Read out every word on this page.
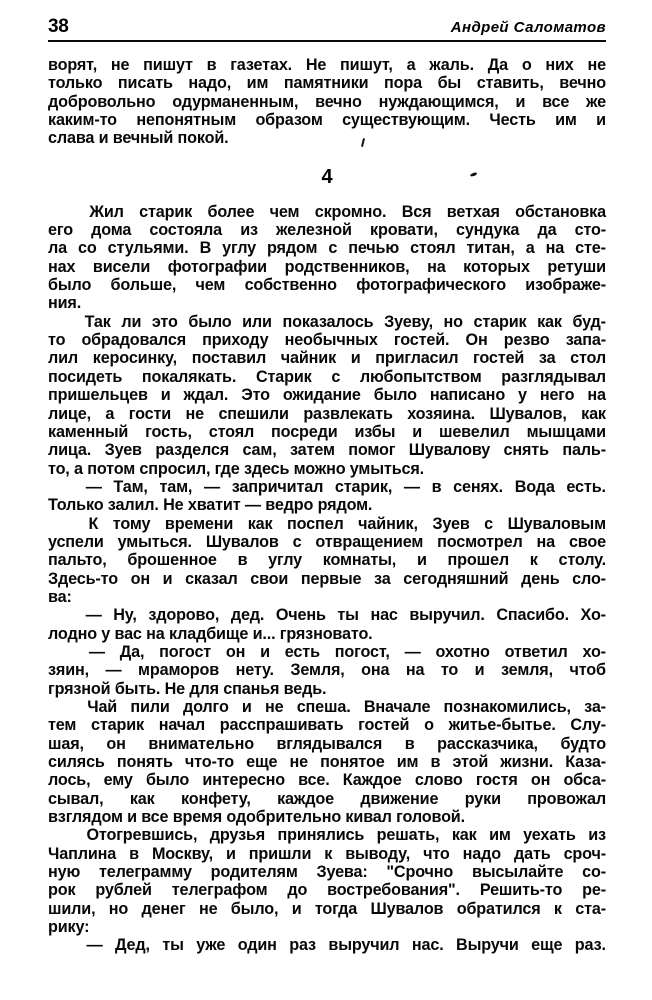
38	Андрей Саломатов

ворят, не пишут в газетах. Не пишут, а жаль. Да о них не
только писать надо, им памятники пора бы ставить, вечно
добровольно одурманенным, вечно нуждающимся, и все же
каким-то непонятным образом существующим. Честь им и
слава и вечный покой.

4

Жил старик более чем скромно. Вся ветхая обстановка
его дома состояла из железной кровати, сундука да сто-
ла со стульями. В углу рядом с печью стоял титан, а на сте-
нах висели фотографии родственников, на которых ретуши
было больше, чем собственно фотографического изображе-
ния.

Так ли это было или показалось Зуеву, но старик как буд-
то обрадовался приходу необычных гостей. Он резво запа-
лил керосинку, поставил чайник и пригласил гостей за стол
посидеть покалякать. Старик с любопытством разглядывал
пришельцев и ждал. Это ожидание было написано у него на
лице, а гости не спешили развлекать хозяина. Шувалов, как
каменный гость, стоял посреди избы и шевелил мышцами
лица. Зуев разделся сам, затем помог Шувалову снять паль-
то, а потом спросил, где здесь можно умыться.

— Там, там, — запричитал старик, — в сенях. Вода есть.
Только залил. Не хватит — ведро рядом.

К тому времени как поспел чайник, Зуев с Шуваловым
успели умыться. Шувалов с отвращением посмотрел на свое
пальто, брошенное в углу комнаты, и прошел к столу.
Здесь-то он и сказал свои первые за сегодняшний день сло-
ва:

— Ну, здорово, дед. Очень ты нас выручил. Спасибо. Хо-
лодно у вас на кладбище и... грязновато.

— Да, погост он и есть погост, — охотно ответил хо-
зяин, — мраморов нету. Земля, она на то и земля, чтоб
грязной быть. Не для спанья ведь.

Чай пили долго и не спеша. Вначале познакомились, за-
тем старик начал расспрашивать гостей о житье-бытье. Слу-
шая, он внимательно вглядывался в рассказчика, будто
силясь понять что-то еще не понятое им в этой жизни. Каза-
лось, ему было интересно все. Каждое слово гостя он обса-
сывал, как конфету, каждое движение руки провожал
взглядом и все время одобрительно кивал головой.

Отогревшись, друзья принялись решать, как им уехать из
Чаплина в Москву, и пришли к выводу, что надо дать сроч-
ную телеграмму родителям Зуева: "Срочно высылайте со-
рок рублей телеграфом до востребования". Решить-то ре-
шили, но денег не было, и тогда Шувалов обратился к ста-
рику:

— Дед, ты уже один раз выручил нас. Выручи еще раз.
